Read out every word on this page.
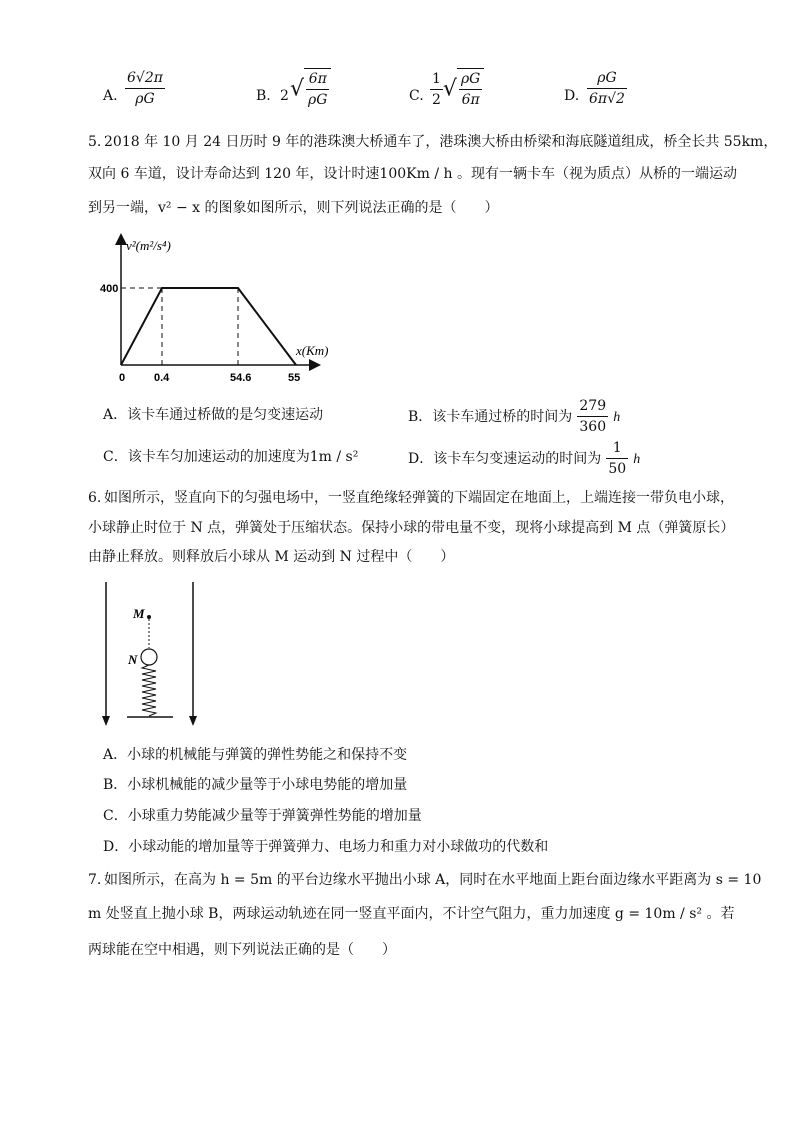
A. $\frac{6√2\pi}{\rho G}$	B. 2 √ $\frac{6\pi}{\rho G}$	C. $\frac{1}{2}$ √ $\frac{\rho G}{6\pi}$	D. $\frac{\rho G}{6\pi√2}$
5. 2018 年 10 月 24 日历时 9 年的港珠澳大桥通车了，港珠澳大桥由桥梁和海底隧道组成，桥全长共 55km，
双向 6 车道，设计寿命达到 120 年，设计时速100Km / h 。现有一辆卡车（视为质点）从桥的一端运动
到另一端，v² − x 的图象如图所示，则下列说法正确的是（　　）
v²(m²/s⁴)
x(Km)
0	0.4	54.6	55
400
A．该卡车通过桥做的是匀变速运动	B．该卡车通过桥的时间为 $\frac{279}{360}$ h
C．该卡车匀加速运动的加速度为1m / s²	D．该卡车匀变速运动的时间为 $\frac{1}{50}$ h
6. 如图所示，竖直向下的匀强电场中，一竖直绝缘轻弹簧的下端固定在地面上，上端连接一带负电小球，
小球静止时位于 N 点，弹簧处于压缩状态。保持小球的带电量不变，现将小球提高到 M 点（弹簧原长）
由静止释放。则释放后小球从 M 运动到 N 过程中（　　）
M
N
A．小球的机械能与弹簧的弹性势能之和保持不变
B．小球机械能的减少量等于小球电势能的增加量
C．小球重力势能减少量等于弹簧弹性势能的增加量
D．小球动能的增加量等于弹簧弹力、电场力和重力对小球做功的代数和
7. 如图所示，在高为 h = 5m 的平台边缘水平抛出小球 A，同时在水平地面上距台面边缘水平距离为 s = 10
m 处竖直上抛小球 B，两球运动轨迹在同一竖直平面内，不计空气阻力，重力加速度 g = 10m / s² 。若
两球能在空中相遇，则下列说法正确的是（　　）
